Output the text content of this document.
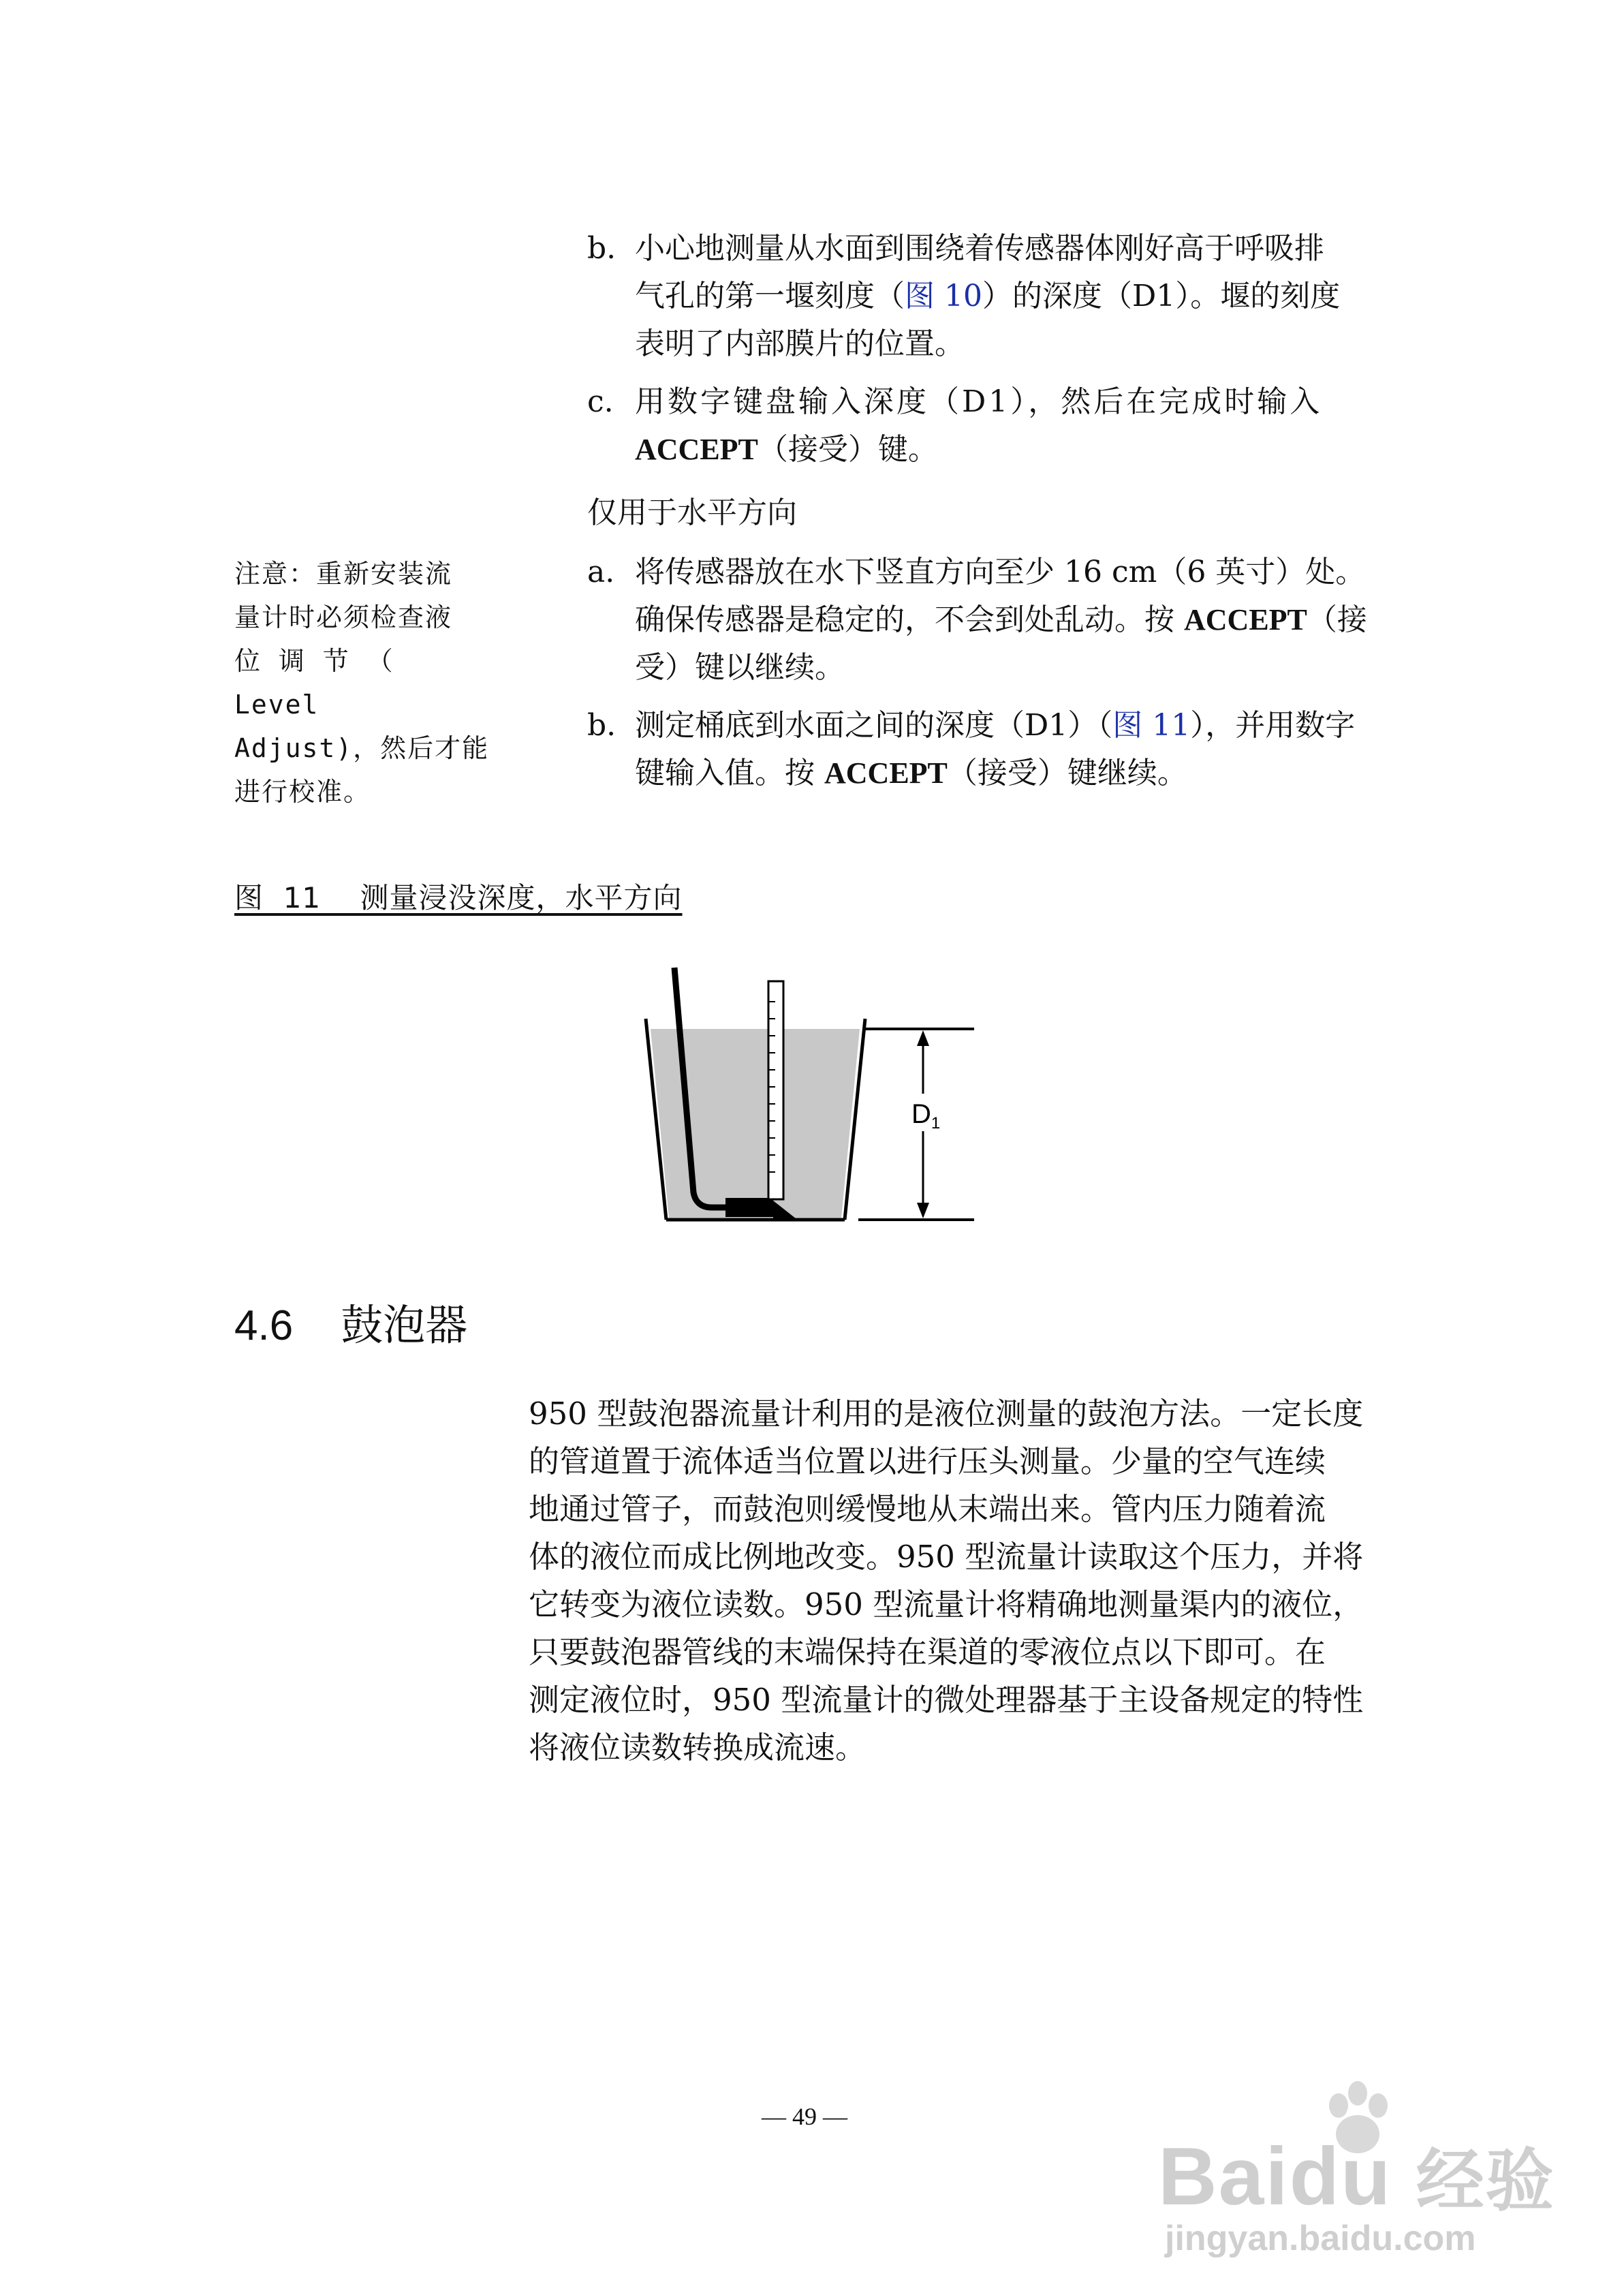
b. 小心地测量从水面到围绕着传感器体刚好高于呼吸排
气孔的第一堰刻度（图 10）的深度（D1）。堰的刻度
表明了内部膜片的位置。
c. 用数字键盘输入深度（D1），然后在完成时输入
ACCEPT（接受）键。
仅用于水平方向
注意：重新安装流
量计时必须检查液
位 调 节 （ Level
Adjust)，然后才能
进行校准。
a. 将传感器放在水下竖直方向至少 16 cm（6 英寸）处。
确保传感器是稳定的，不会到处乱动。按 ACCEPT（接
受）键以继续。
b. 测定桶底到水面之间的深度（D1）（图 11），并用数字
键输入值。按 ACCEPT（接受）键继续。
图  11    测量浸没深度，水平方向
$D_1$
4.6 鼓泡器
950 型鼓泡器流量计利用的是液位测量的鼓泡方法。一定长度
的管道置于流体适当位置以进行压头测量。少量的空气连续
地通过管子，而鼓泡则缓慢地从末端出来。管内压力随着流
体的液位而成比例地改变。950 型流量计读取这个压力，并将
它转变为液位读数。950 型流量计将精确地测量渠内的液位，
只要鼓泡器管线的末端保持在渠道的零液位点以下即可。在
测定液位时，950 型流量计的微处理器基于主设备规定的特性
将液位读数转换成流速。
— 49 —
Baidu 经验
jingyan.baidu.com
